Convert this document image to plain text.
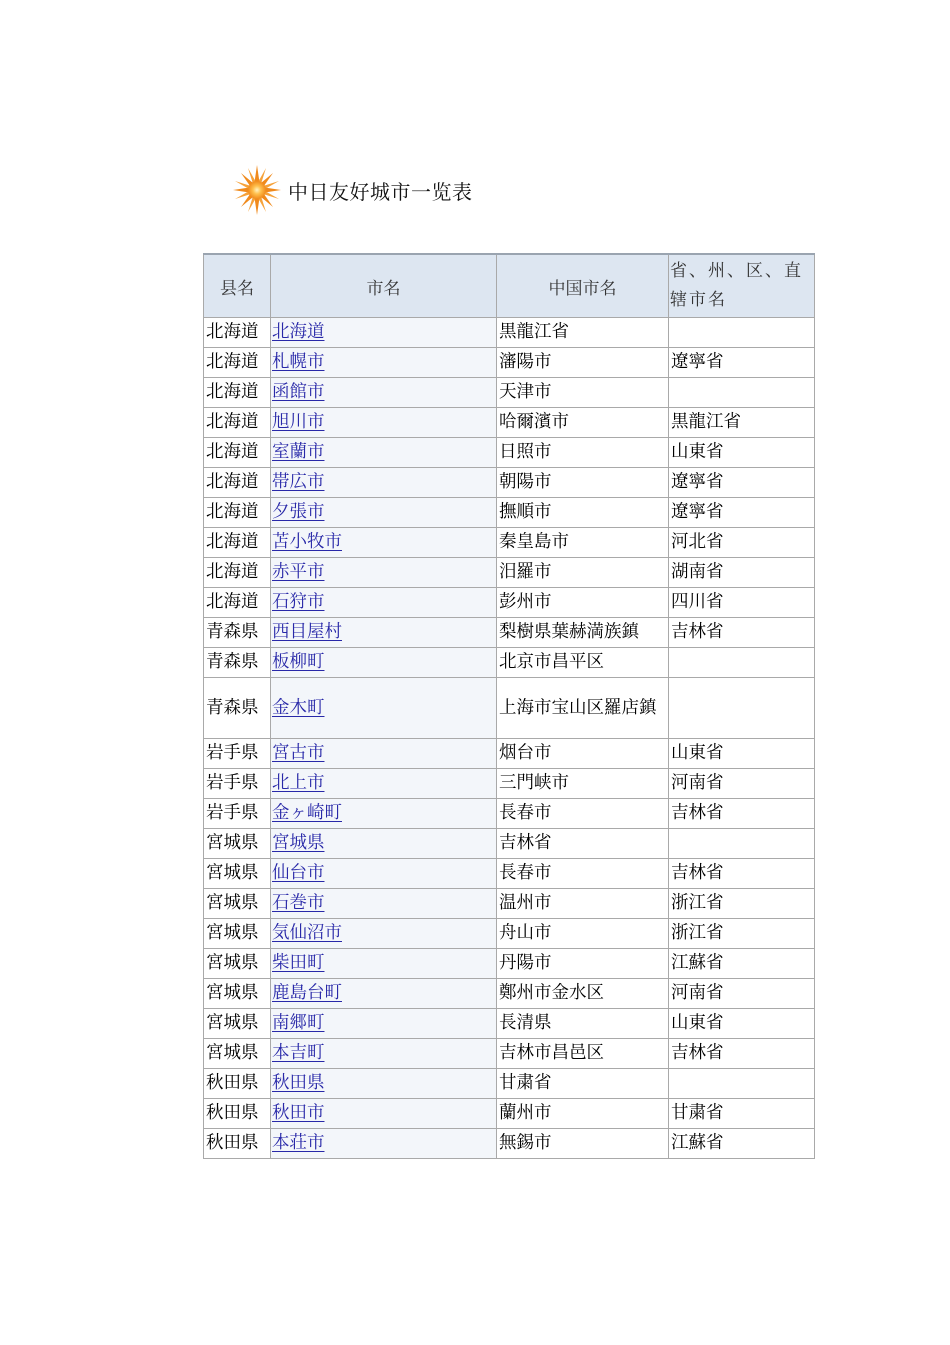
中日友好城市一览表
县名	市名	中国市名	省、州、区、直辖市名
北海道	北海道	黒龍江省	
北海道	札幌市	瀋陽市	遼寧省
北海道	函館市	天津市	
北海道	旭川市	哈爾濱市	黒龍江省
北海道	室蘭市	日照市	山東省
北海道	帯広市	朝陽市	遼寧省
北海道	夕張市	撫順市	遼寧省
北海道	苫小牧市	秦皇島市	河北省
北海道	赤平市	汨羅市	湖南省
北海道	石狩市	彭州市	四川省
青森県	西目屋村	梨樹県葉赫満族鎮	吉林省
青森県	板柳町	北京市昌平区	
青森県	金木町	上海市宝山区羅店鎮	
岩手県	宮古市	烟台市	山東省
岩手県	北上市	三門峡市	河南省
岩手県	金ヶ崎町	長春市	吉林省
宮城県	宮城県	吉林省	
宮城県	仙台市	長春市	吉林省
宮城県	石巻市	温州市	浙江省
宮城県	気仙沼市	舟山市	浙江省
宮城県	柴田町	丹陽市	江蘇省
宮城県	鹿島台町	鄭州市金水区	河南省
宮城県	南郷町	長清県	山東省
宮城県	本吉町	吉林市昌邑区	吉林省
秋田県	秋田県	甘粛省	
秋田県	秋田市	蘭州市	甘粛省
秋田県	本荘市	無錫市	江蘇省
